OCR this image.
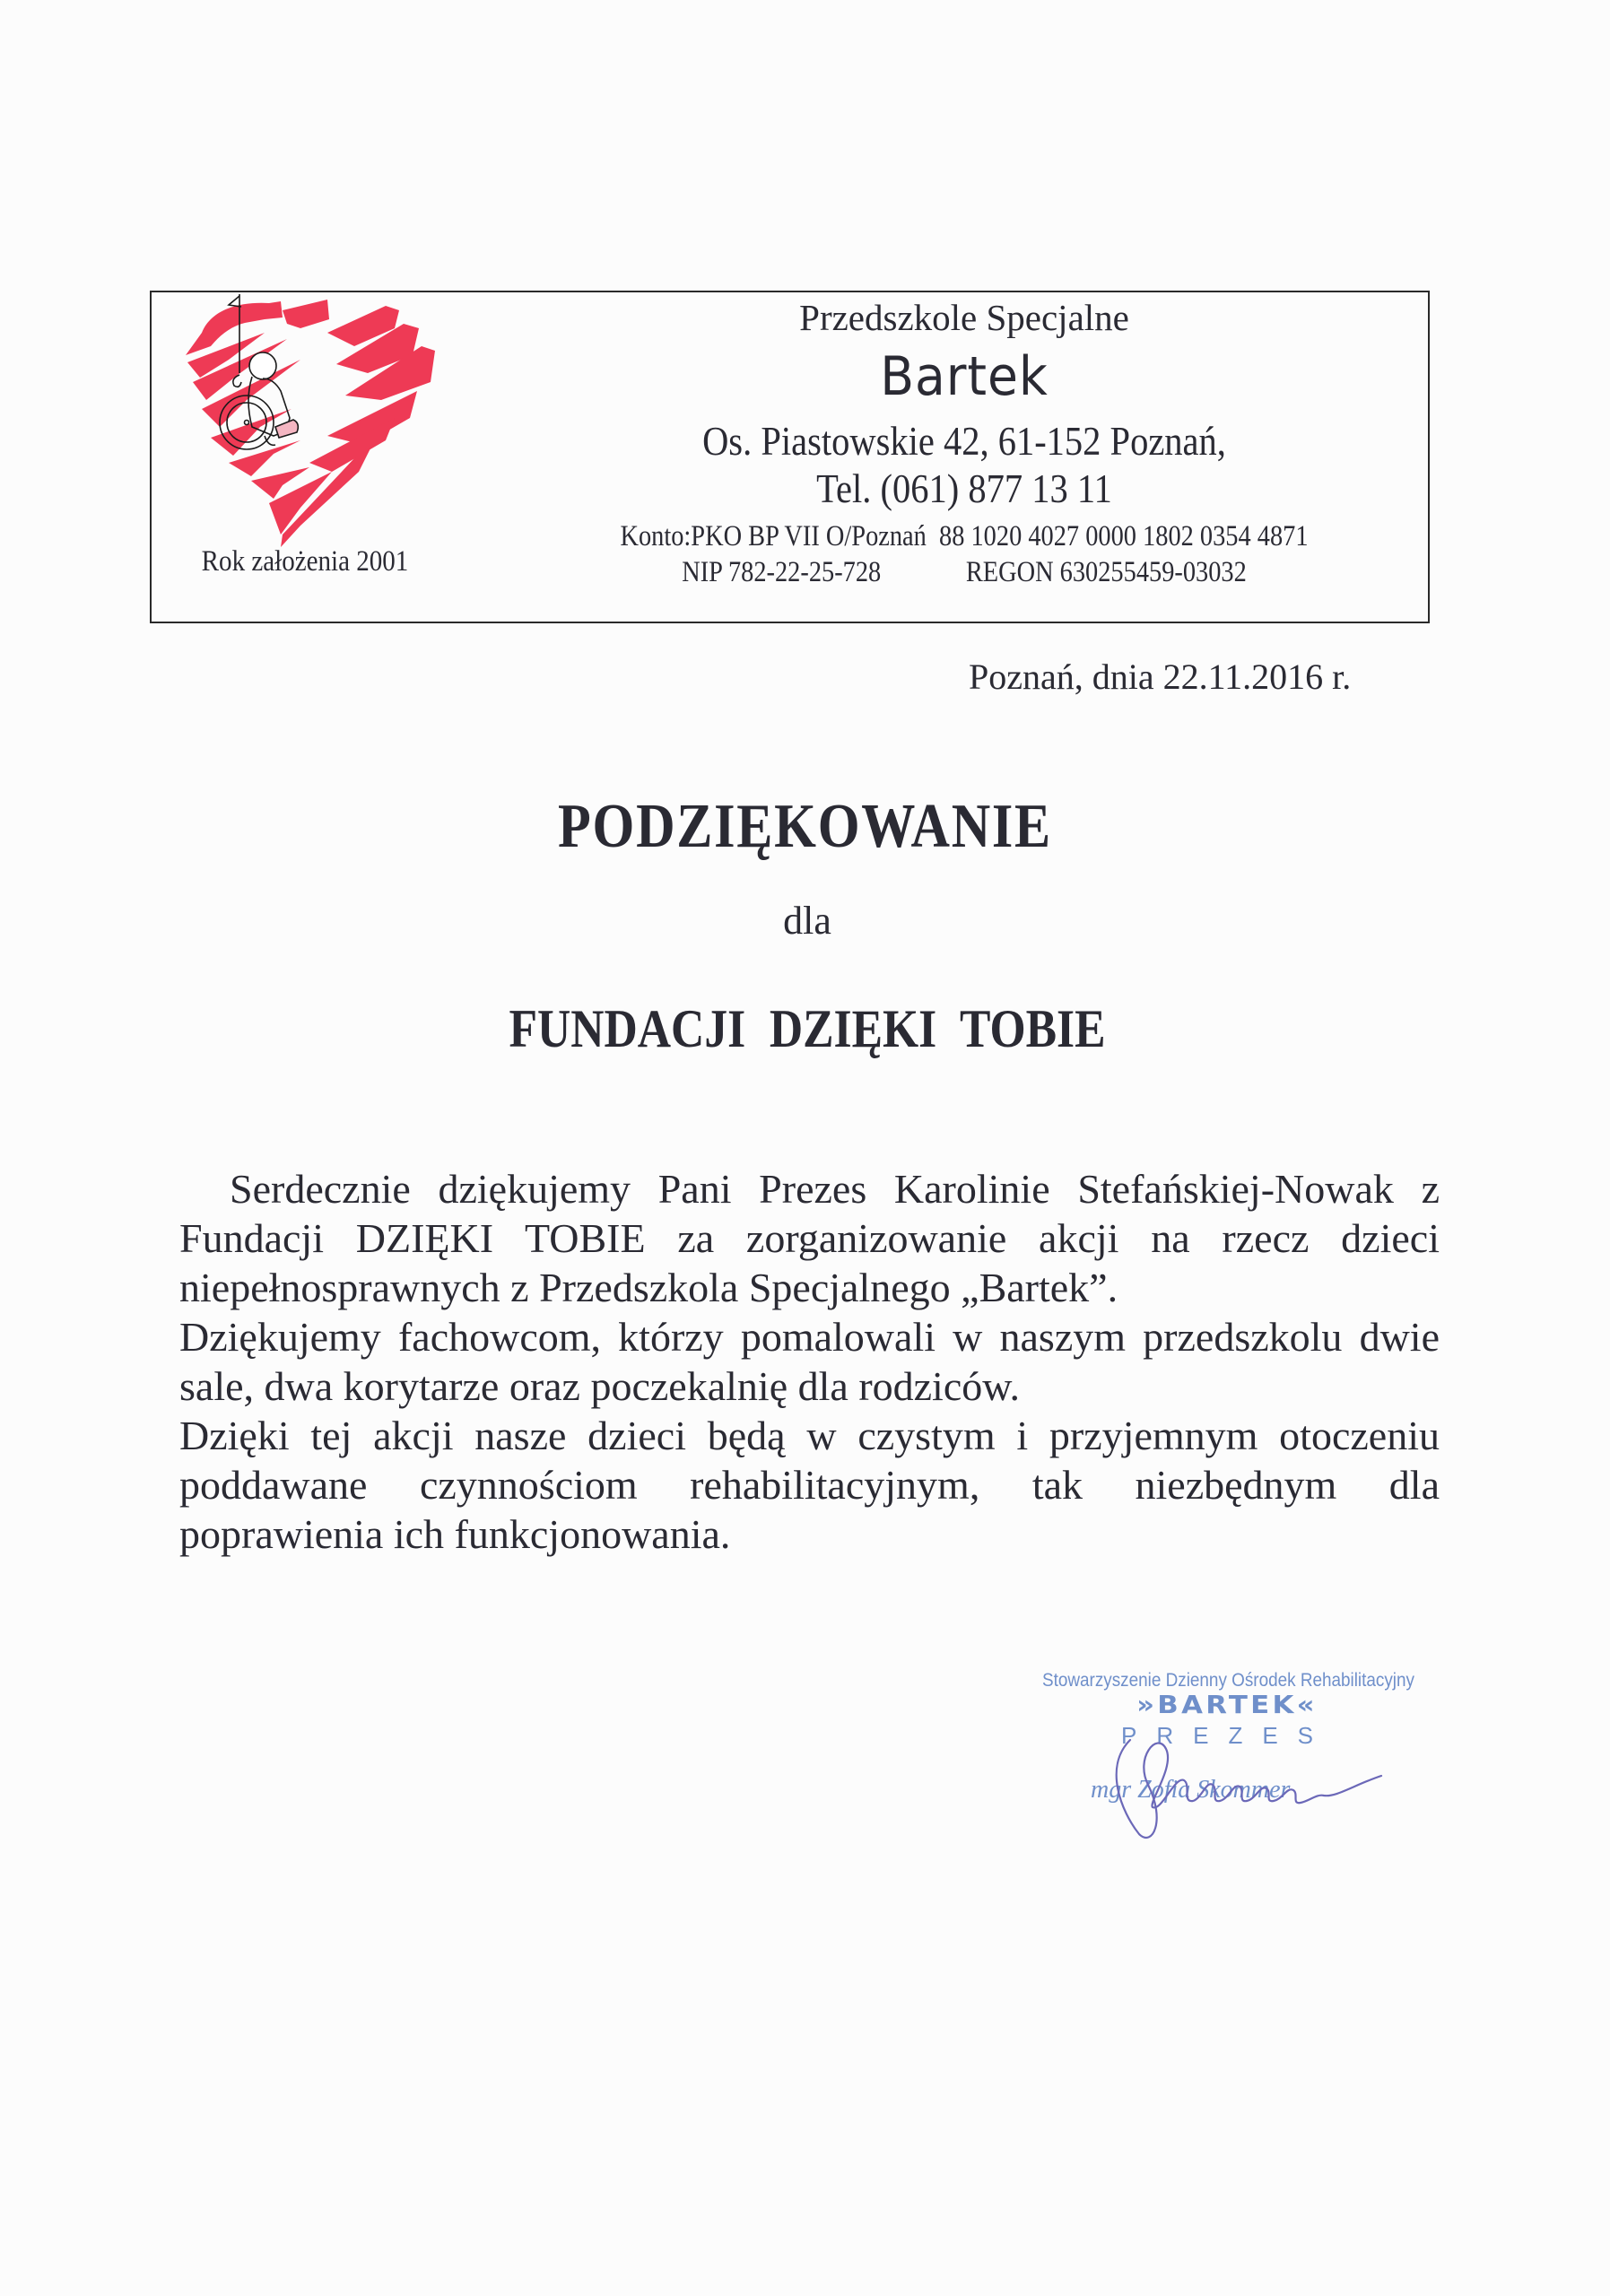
Przedszkole Specjalne
Bartek
Os. Piastowskie 42, 61-152 Poznań,
Tel. (061) 877 13 11
Konto:PKO BP VII O/Poznań  88 1020 4027 0000 1802 0354 4871
NIP 782-22-25-728	REGON 630255459-03032
Rok założenia 2001
Poznań, dnia 22.11.2016 r.
PODZIĘKOWANIE
dla
FUNDACJI DZIĘKI TOBIE
Serdecznie dziękujemy Pani Prezes Karolinie Stefańskiej-Nowak z
Fundacji DZIĘKI TOBIE za zorganizowanie akcji na rzecz dzieci
niepełnosprawnych z Przedszkola Specjalnego „Bartek”.
Dziękujemy fachowcom, którzy pomalowali w naszym przedszkolu dwie
sale, dwa korytarze oraz poczekalnię dla rodziców.
Dzięki tej akcji nasze dzieci będą w czystym i przyjemnym otoczeniu
poddawane czynnościom rehabilitacyjnym, tak niezbędnym dla
poprawienia ich funkcjonowania.
Stowarzyszenie Dzienny Ośrodek Rehabilitacyjny
»BARTEK«
PREZES
mgr Zofia Skommer
